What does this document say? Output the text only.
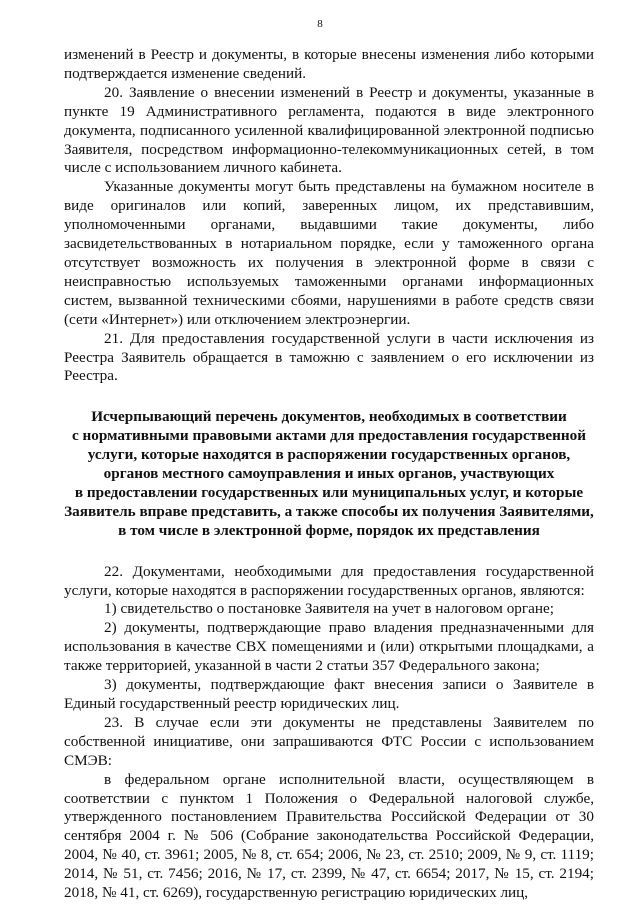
8

изменений в Реестр и документы, в которые внесены изменения либо которыми подтверждается изменение сведений.

20. Заявление о внесении изменений в Реестр и документы, указанные в пункте 19 Административного регламента, подаются в виде электронного документа, подписанного усиленной квалифицированной электронной подписью Заявителя, посредством информационно-телекоммуникационных сетей, в том числе с использованием личного кабинета.

Указанные документы могут быть представлены на бумажном носителе в виде оригиналов или копий, заверенных лицом, их представившим, уполномоченными органами, выдавшими такие документы, либо засвидетельствованных в нотариальном порядке, если у таможенного органа отсутствует возможность их получения в электронной форме в связи с неисправностью используемых таможенными органами информационных систем, вызванной техническими сбоями, нарушениями в работе средств связи (сети «Интернет») или отключением электроэнергии.

21. Для предоставления государственной услуги в части исключения из Реестра Заявитель обращается в таможню с заявлением о его исключении из Реестра.

Исчерпывающий перечень документов, необходимых в соответствии
с нормативными правовыми актами для предоставления государственной
услуги, которые находятся в распоряжении государственных органов,
органов местного самоуправления и иных органов, участвующих
в предоставлении государственных или муниципальных услуг, и которые
Заявитель вправе представить, а также способы их получения Заявителями,
в том числе в электронной форме, порядок их представления

22. Документами, необходимыми для предоставления государственной услуги, которые находятся в распоряжении государственных органов, являются:

1) свидетельство о постановке Заявителя на учет в налоговом органе;

2) документы, подтверждающие право владения предназначенными для использования в качестве СВХ помещениями и (или) открытыми площадками, а также территорией, указанной в части 2 статьи 357 Федерального закона;

3) документы, подтверждающие факт внесения записи о Заявителе в Единый государственный реестр юридических лиц.

23. В случае если эти документы не представлены Заявителем по собственной инициативе, они запрашиваются ФТС России с использованием СМЭВ:

в федеральном органе исполнительной власти, осуществляющем в соответствии с пунктом 1 Положения о Федеральной налоговой службе, утвержденного постановлением Правительства Российской Федерации от 30 сентября 2004 г. № 506 (Собрание законодательства Российской Федерации, 2004, № 40, ст. 3961; 2005, № 8, ст. 654; 2006, № 23, ст. 2510; 2009, № 9, ст. 1119; 2014, № 51, ст. 7456; 2016, № 17, ст. 2399, № 47, ст. 6654; 2017, № 15, ст. 2194; 2018, № 41, ст. 6269), государственную регистрацию юридических лиц,
